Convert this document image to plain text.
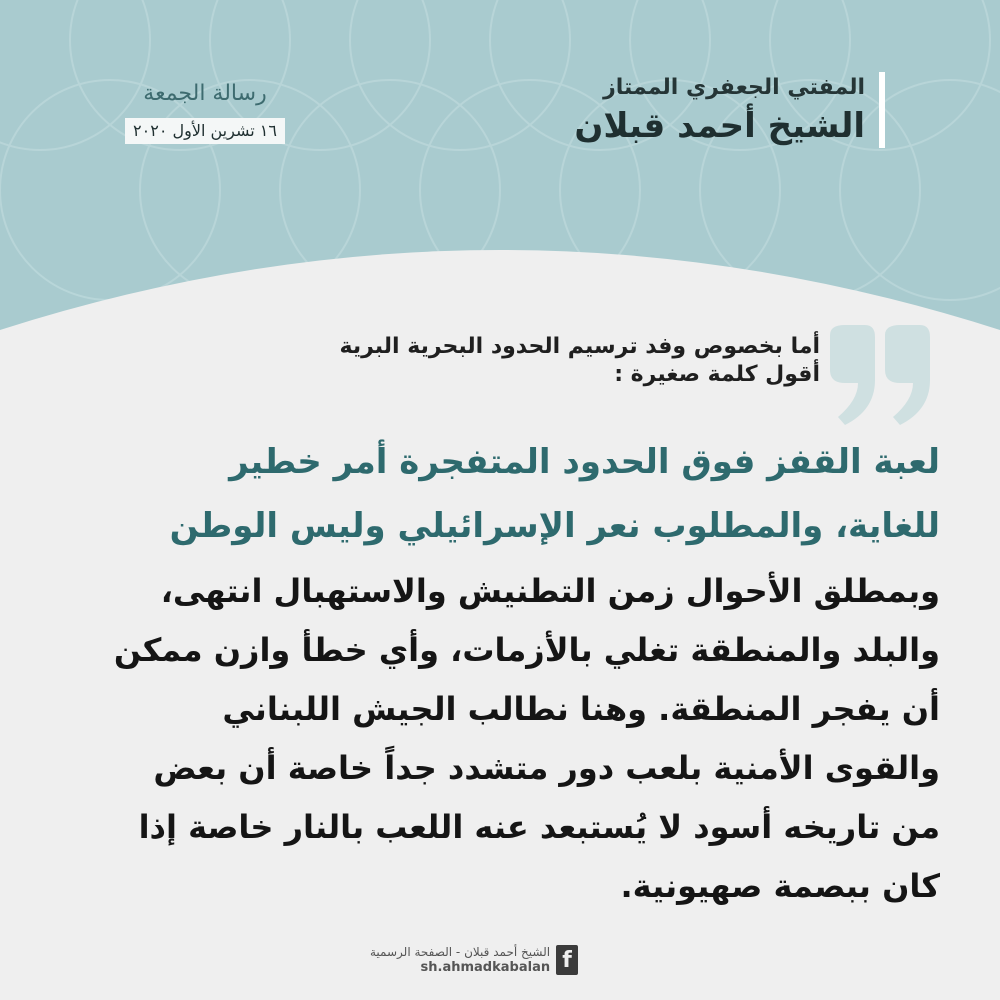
المفتي الجعفري الممتاز
الشيخ أحمد قبلان
رسالة الجمعة
١٦ تشرين الأول ٢٠٢٠
أما بخصوص وفد ترسيم الحدود البحرية البرية
أقول كلمة صغيرة :
لعبة القفز فوق الحدود المتفجرة أمر خطير
للغاية، والمطلوب نعر الإسرائيلي وليس الوطن
وبمطلق الأحوال زمن التطنيش والاستهبال انتهى،
والبلد والمنطقة تغلي بالأزمات، وأي خطأ وازن ممكن
أن يفجر المنطقة. وهنا نطالب الجيش اللبناني
والقوى الأمنية بلعب دور متشدد جداً خاصة أن بعض
من تاريخه أسود لا يُستبعد عنه اللعب بالنار خاصة إذا
كان ببصمة صهيونية.
الشيخ أحمد قبلان - الصفحة الرسمية
sh.ahmadkabalan f
